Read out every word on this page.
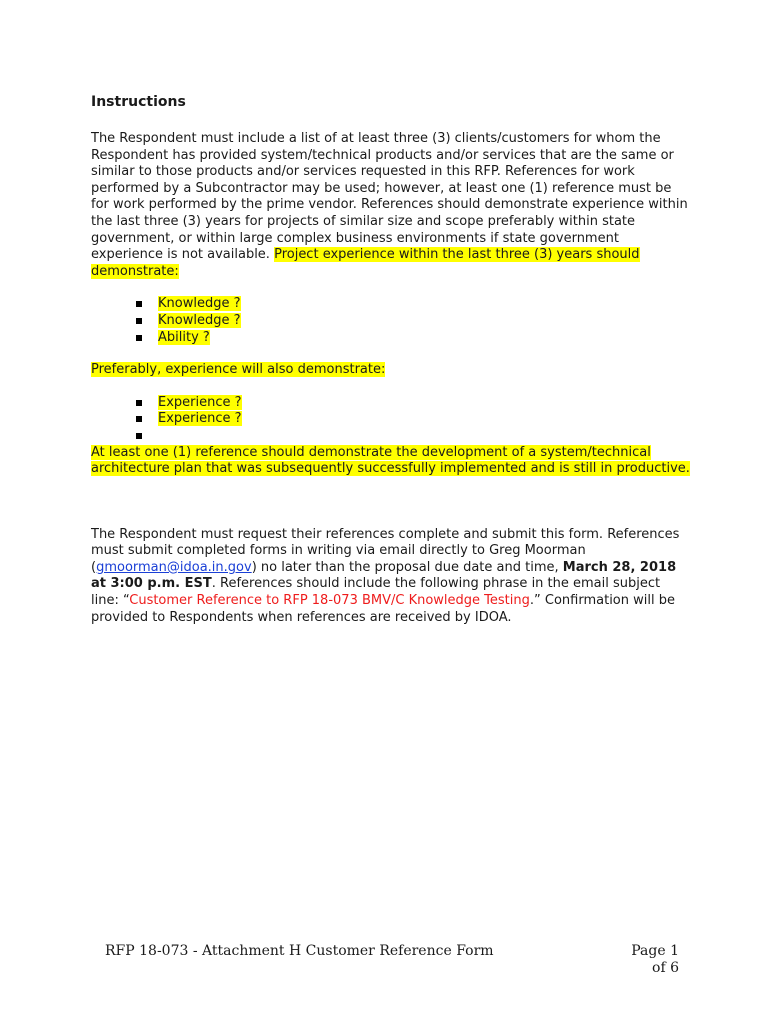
Instructions

The Respondent must include a list of at least three (3) clients/customers for whom the Respondent has provided system/technical products and/or services that are the same or similar to those products and/or services requested in this RFP. References for work performed by a Subcontractor may be used; however, at least one (1) reference must be for work performed by the prime vendor. References should demonstrate experience within the last three (3) years for projects of similar size and scope preferably within state government, or within large complex business environments if state government experience is not available. Project experience within the last three (3) years should demonstrate:

Knowledge ?
Knowledge ?
Ability ?

Preferably, experience will also demonstrate:

Experience ?
Experience ?

At least one (1) reference should demonstrate the development of a system/technical architecture plan that was subsequently successfully implemented and is still in productive.

The Respondent must request their references complete and submit this form. References must submit completed forms in writing via email directly to Greg Moorman (gmoorman@idoa.in.gov) no later than the proposal due date and time, March 28, 2018 at 3:00 p.m. EST. References should include the following phrase in the email subject line: “Customer Reference to RFP 18-073 BMV/C Knowledge Testing.” Confirmation will be provided to Respondents when references are received by IDOA.

RFP 18-073 - Attachment H Customer Reference Form	Page 1
of 6
